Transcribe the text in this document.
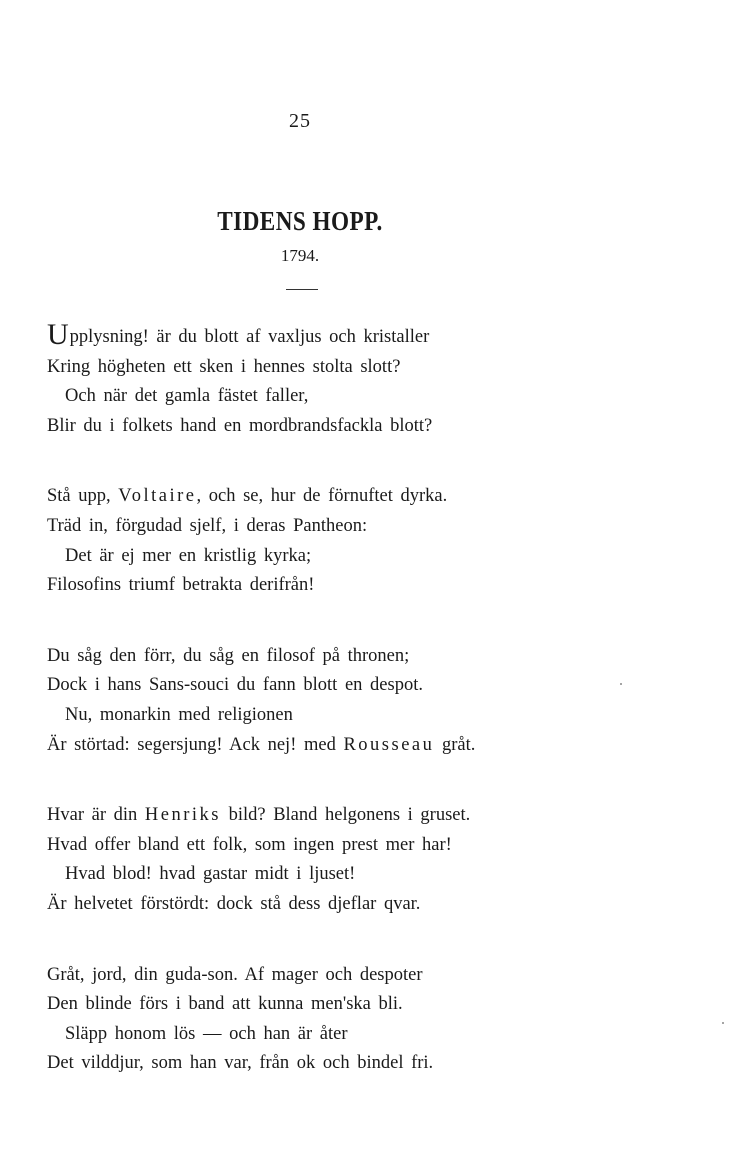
25
TIDENS HOPP.
1794.
Upplysning! är du blott af vaxljus och kristaller
Kring högheten ett sken i hennes stolta slott?
Och när det gamla fästet faller,
Blir du i folkets hand en mordbrandsfackla blott?
Stå upp, Voltaire, och se, hur de förnuftet dyrka.
Träd in, förgudad sjelf, i deras Pantheon:
Det är ej mer en kristlig kyrka;
Filosofins triumf betrakta derifrån!
Du såg den förr, du såg en filosof på thronen;
Dock i hans Sans-souci du fann blott en despot.
Nu, monarkin med religionen
Är störtad: segersjung! Ack nej! med Rousseau gråt.
Hvar är din Henriks bild? Bland helgonens i gruset.
Hvad offer bland ett folk, som ingen prest mer har!
Hvad blod! hvad gastar midt i ljuset!
Är helvetet förstördt: dock stå dess djeflar qvar.
Gråt, jord, din guda-son. Af mager och despoter
Den blinde förs i band att kunna men'ska bli.
Släpp honom lös — och han är åter
Det vilddjur, som han var, från ok och bindel fri.
